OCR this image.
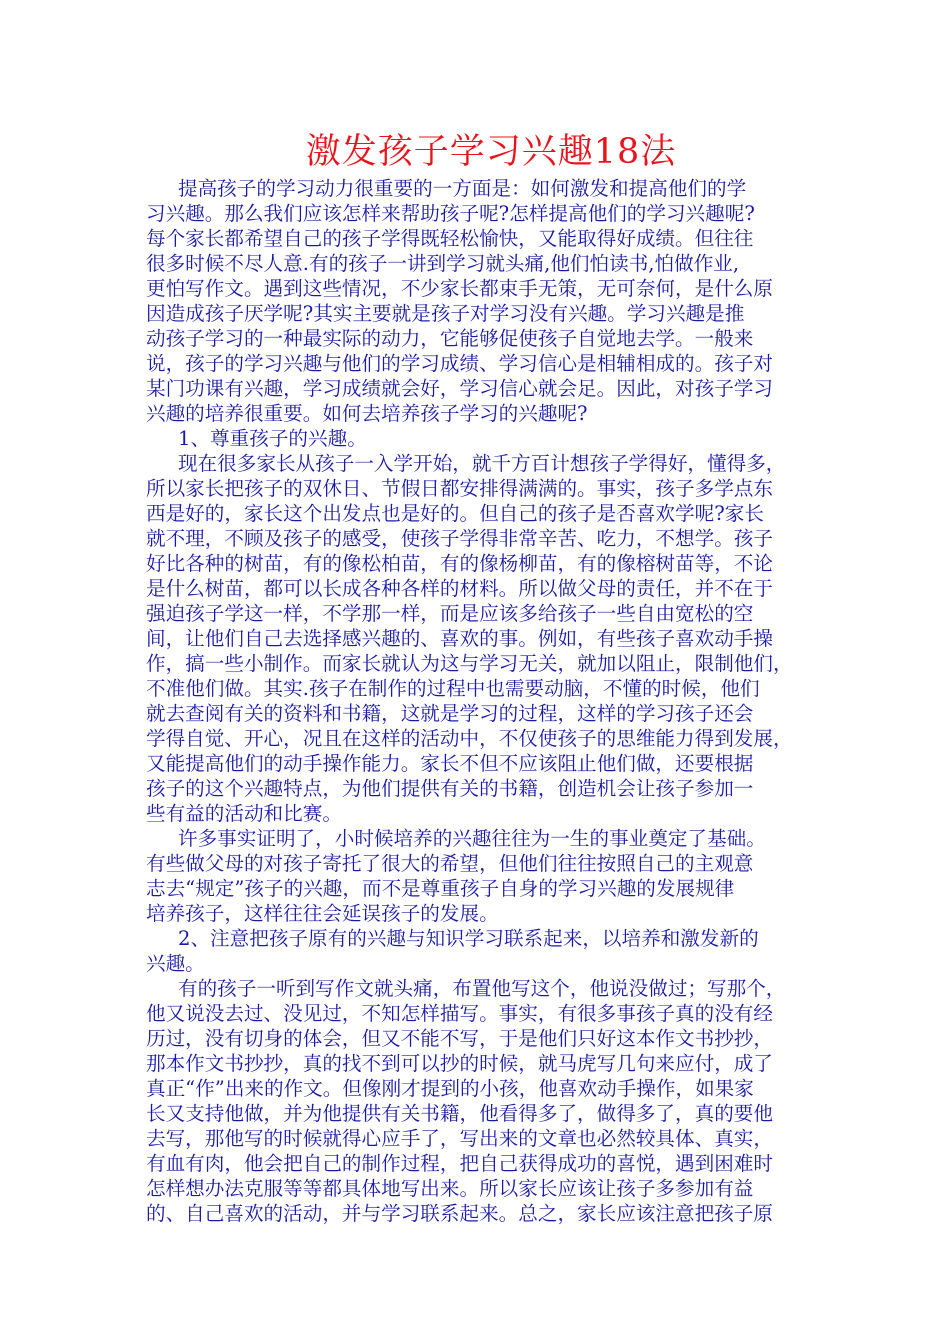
激发孩子学习兴趣18法
提高孩子的学习动力很重要的一方面是：如何激发和提高他们的学
习兴趣。那么我们应该怎样来帮助孩子呢?怎样提高他们的学习兴趣呢?
每个家长都希望自己的孩子学得既轻松愉快，又能取得好成绩。但往往
很多时候不尽人意.有的孩子一讲到学习就头痛,他们怕读书,怕做作业,
更怕写作文。遇到这些情况，不少家长都束手无策，无可奈何，是什么原
因造成孩子厌学呢?其实主要就是孩子对学习没有兴趣。学习兴趣是推
动孩子学习的一种最实际的动力，它能够促使孩子自觉地去学。一般来
说，孩子的学习兴趣与他们的学习成绩、学习信心是相辅相成的。孩子对
某门功课有兴趣，学习成绩就会好，学习信心就会足。因此，对孩子学习
兴趣的培养很重要。如何去培养孩子学习的兴趣呢?
1、尊重孩子的兴趣。
现在很多家长从孩子一入学开始，就千方百计想孩子学得好，懂得多，
所以家长把孩子的双休日、节假日都安排得满满的。事实，孩子多学点东
西是好的，家长这个出发点也是好的。但自己的孩子是否喜欢学呢?家长
就不理，不顾及孩子的感受，使孩子学得非常辛苦、吃力，不想学。孩子
好比各种的树苗，有的像松柏苗，有的像杨柳苗，有的像榕树苗等，不论
是什么树苗，都可以长成各种各样的材料。所以做父母的责任，并不在于
强迫孩子学这一样，不学那一样，而是应该多给孩子一些自由宽松的空
间，让他们自己去选择感兴趣的、喜欢的事。例如，有些孩子喜欢动手操
作，搞一些小制作。而家长就认为这与学习无关，就加以阻止，限制他们，
不准他们做。其实.孩子在制作的过程中也需要动脑，不懂的时候，他们
就去查阅有关的资料和书籍，这就是学习的过程，这样的学习孩子还会
学得自觉、开心，况且在这样的活动中，不仅使孩子的思维能力得到发展，
又能提高他们的动手操作能力。家长不但不应该阻止他们做，还要根据
孩子的这个兴趣特点，为他们提供有关的书籍，创造机会让孩子参加一
些有益的活动和比赛。
许多事实证明了，小时候培养的兴趣往往为一生的事业奠定了基础。
有些做父母的对孩子寄托了很大的希望，但他们往往按照自己的主观意
志去“规定”孩子的兴趣，而不是尊重孩子自身的学习兴趣的发展规律
培养孩子，这样往往会延误孩子的发展。
2、注意把孩子原有的兴趣与知识学习联系起来，以培养和激发新的
兴趣。
有的孩子一听到写作文就头痛，布置他写这个，他说没做过；写那个，
他又说没去过、没见过，不知怎样描写。事实，有很多事孩子真的没有经
历过，没有切身的体会，但又不能不写，于是他们只好这本作文书抄抄，
那本作文书抄抄，真的找不到可以抄的时候，就马虎写几句来应付，成了
真正“作”出来的作文。但像刚才提到的小孩，他喜欢动手操作，如果家
长又支持他做，并为他提供有关书籍，他看得多了，做得多了，真的要他
去写，那他写的时候就得心应手了，写出来的文章也必然较具体、真实，
有血有肉，他会把自己的制作过程，把自己获得成功的喜悦，遇到困难时
怎样想办法克服等等都具体地写出来。所以家长应该让孩子多参加有益
的、自己喜欢的活动，并与学习联系起来。总之，家长应该注意把孩子原
